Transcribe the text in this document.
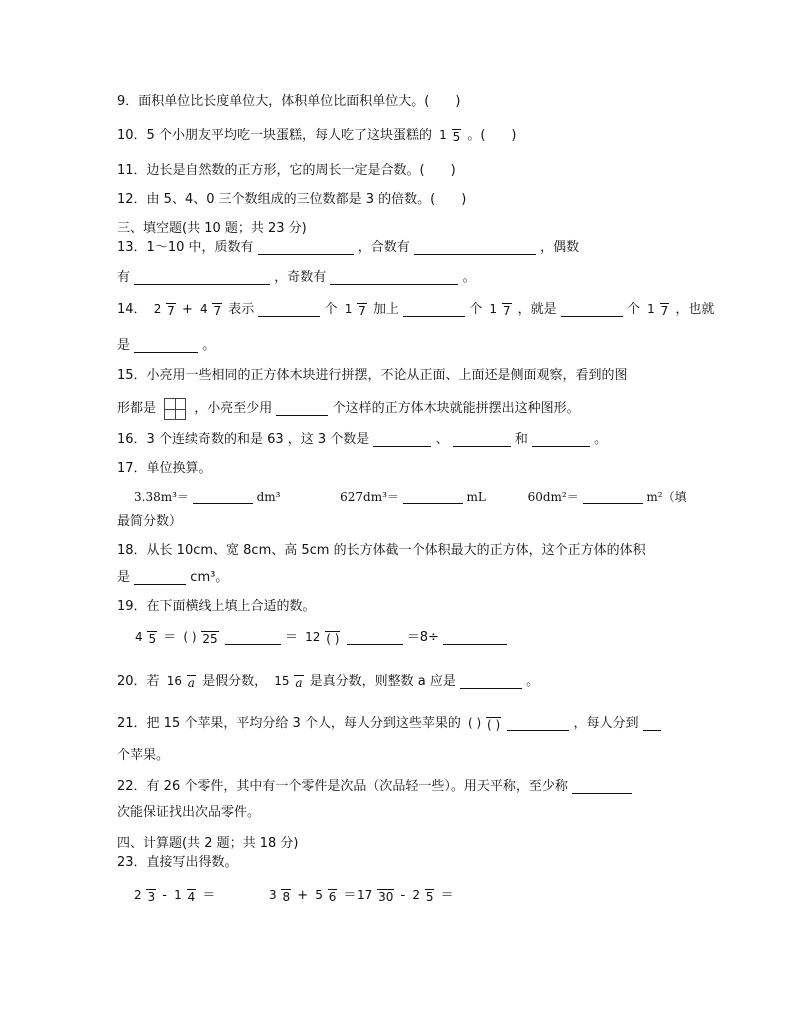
9．面积单位比长度单位大，体积单位比面积单位大。(　　)
10．5 个小朋友平均吃一块蛋糕，每人吃了这块蛋糕的 1 5 。(　　)
11．边长是自然数的正方形，它的周长一定是合数。(　　)
12．由 5、4、0 三个数组成的三位数都是 3 的倍数。(　　)
三、填空题(共 10 题；共 23 分)
13．1～10 中，质数有	，合数有	，偶数
有	，奇数有	。
14． 2 7 + 4 7 表示	个 1 7 加上	个 1 7 ，就是	个 1 7 ，也就
是	。
15．小亮用一些相同的正方体木块进行拼摆，不论从正面、上面还是侧面观察，看到的图
形都是	，小亮至少用	个这样的正方体木块就能拼摆出这种图形。
16．3 个连续奇数的和是 63 ，这 3 个数是	、	和	。
17．单位换算。
3.38m³＝	dm³	627dm³＝	mL	60dm²＝	m²（填
最简分数）
18．从长 10cm、宽 8cm、高 5cm 的长方体截一个体积最大的正方体，这个正方体的体积
是	cm³。
19．在下面横线上填上合适的数。
4 5 ＝ ( ) 25	＝ 12 ( )	＝8÷
20．若 16 a 是假分数， 15 a 是真分数，则整数 a 应是	。
21．把 15 个苹果，平均分给 3 个人，每人分到这些苹果的 ( ) ( )	，每人分到
个苹果。
22．有 26 个零件，其中有一个零件是次品（次品轻一些）。用天平称，至少称
次能保证找出次品零件。
四、计算题(共 2 题；共 18 分)
23．直接写出得数。
2 3 - 1 4 ＝	3 8 + 5 6 ＝ 17 30 - 2 5 ＝
